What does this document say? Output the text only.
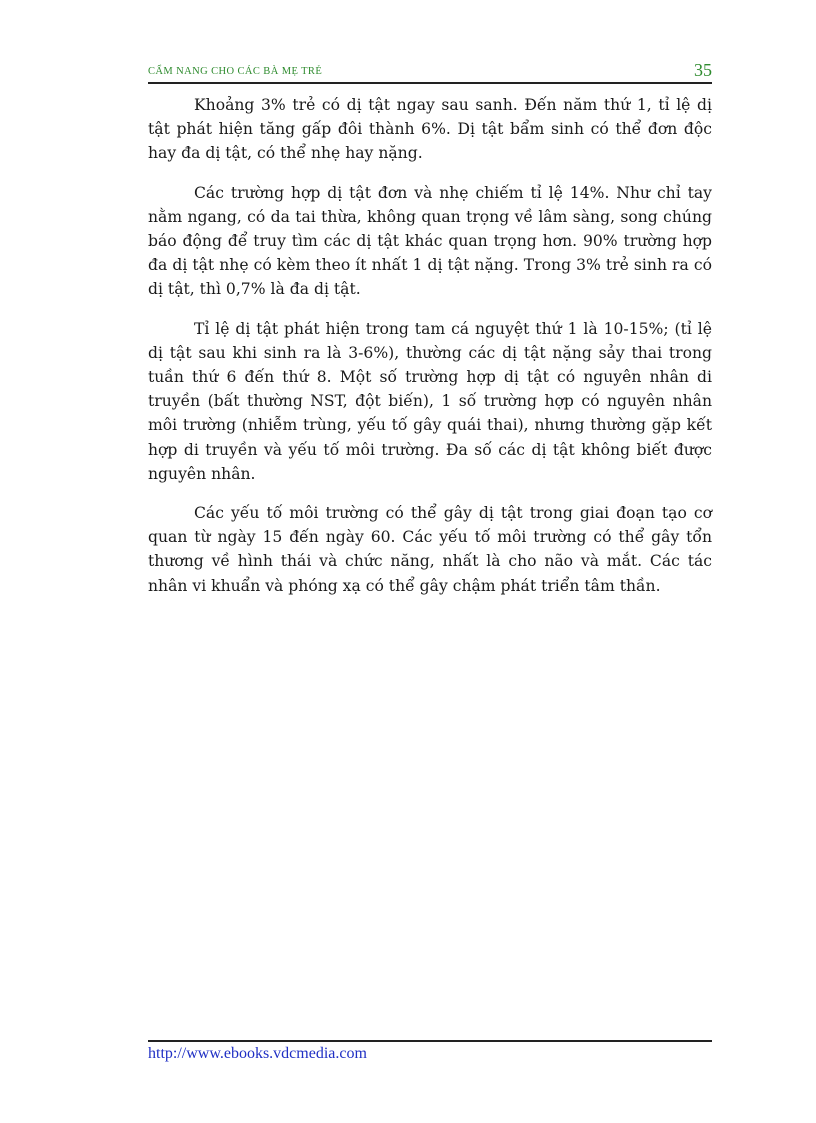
CẨM NANG CHO CÁC BÀ MẸ TRẺ	35

Khoảng 3% trẻ có dị tật ngay sau sanh. Đến năm thứ 1, tỉ lệ dị tật phát hiện tăng gấp đôi thành 6%. Dị tật bẩm sinh có thể đơn độc hay đa dị tật, có thể nhẹ hay nặng.

Các trường hợp dị tật đơn và nhẹ chiếm tỉ lệ 14%. Như chỉ tay nằm ngang, có da tai thừa, không quan trọng về lâm sàng, song chúng báo động để truy tìm các dị tật khác quan trọng hơn. 90% trường hợp đa dị tật nhẹ có kèm theo ít nhất 1 dị tật nặng. Trong 3% trẻ sinh ra có dị tật, thì 0,7% là đa dị tật.

Tỉ lệ dị tật phát hiện trong tam cá nguyệt thứ 1 là 10-15%; (tỉ lệ dị tật sau khi sinh ra là 3-6%), thường các dị tật nặng sảy thai trong tuần thứ 6 đến thứ 8. Một số trường hợp dị tật có nguyên nhân di truyền (bất thường NST, đột biến), 1 số trường hợp có nguyên nhân môi trường (nhiễm trùng, yếu tố gây quái thai), nhưng thường gặp kết hợp di truyền và yếu tố môi trường. Đa số các dị tật không biết được nguyên nhân.

Các yếu tố môi trường có thể gây dị tật trong giai đoạn tạo cơ quan từ ngày 15 đến ngày 60. Các yếu tố môi trường có thể gây tổn thương về hình thái và chức năng, nhất là cho não và mắt. Các tác nhân vi khuẩn và phóng xạ có thể gây chậm phát triển tâm thần.

http://www.ebooks.vdcmedia.com
